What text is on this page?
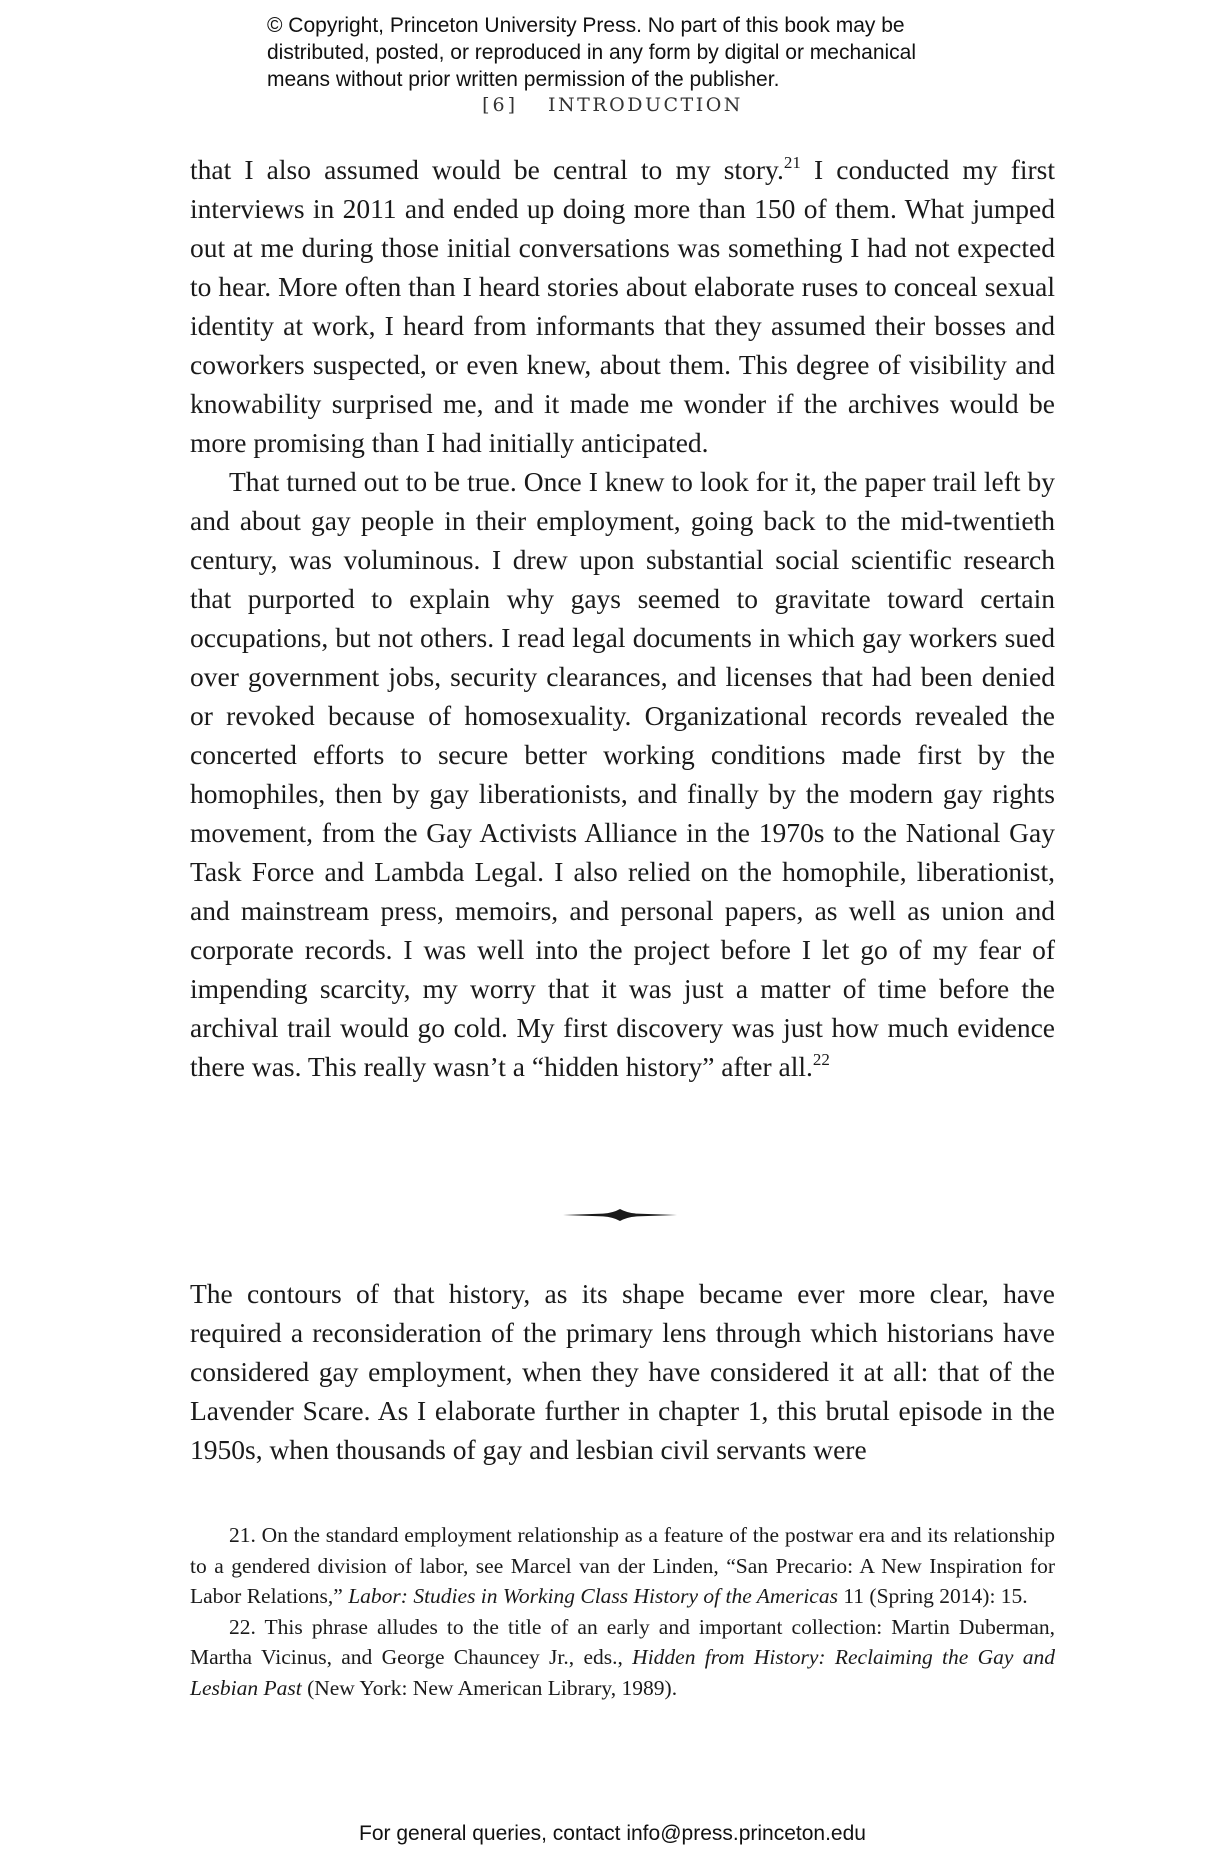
© Copyright, Princeton University Press. No part of this book may be
distributed, posted, or reproduced in any form by digital or mechanical
means without prior written permission of the publisher.
[6] INTRODUCTION

that I also assumed would be central to my story.$^{21}$ I conducted my first interviews in 2011 and ended up doing more than 150 of them. What jumped out at me during those initial conversations was something I had not expected to hear. More often than I heard stories about elaborate ruses to conceal sexual identity at work, I heard from informants that they assumed their bosses and coworkers suspected, or even knew, about them. This degree of visibility and knowability surprised me, and it made me wonder if the archives would be more promising than I had initially anticipated.

That turned out to be true. Once I knew to look for it, the paper trail left by and about gay people in their employment, going back to the mid-twentieth century, was voluminous. I drew upon substantial social scientific research that purported to explain why gays seemed to gravitate toward certain occupations, but not others. I read legal documents in which gay workers sued over government jobs, security clearances, and licenses that had been denied or revoked because of homosexuality. Organizational records revealed the concerted efforts to secure better working conditions made first by the homophiles, then by gay liberationists, and finally by the modern gay rights movement, from the Gay Activists Alliance in the 1970s to the National Gay Task Force and Lambda Legal. I also relied on the homophile, liberationist, and mainstream press, memoirs, and personal papers, as well as union and corporate records. I was well into the project before I let go of my fear of impending scarcity, my worry that it was just a matter of time before the archival trail would go cold. My first discovery was just how much evidence there was. This really wasn’t a “hidden history” after all.$^{22}$

The contours of that history, as its shape became ever more clear, have required a reconsideration of the primary lens through which historians have considered gay employment, when they have considered it at all: that of the Lavender Scare. As I elaborate further in chapter 1, this brutal episode in the 1950s, when thousands of gay and lesbian civil servants were

21. On the standard employment relationship as a feature of the postwar era and its relationship to a gendered division of labor, see Marcel van der Linden, “San Precario: A New Inspiration for Labor Relations,” Labor: Studies in Working Class History of the Americas 11 (Spring 2014): 15.

22. This phrase alludes to the title of an early and important collection: Martin Duberman, Martha Vicinus, and George Chauncey Jr., eds., Hidden from History: Reclaiming the Gay and Lesbian Past (New York: New American Library, 1989).

For general queries, contact info@press.princeton.edu
